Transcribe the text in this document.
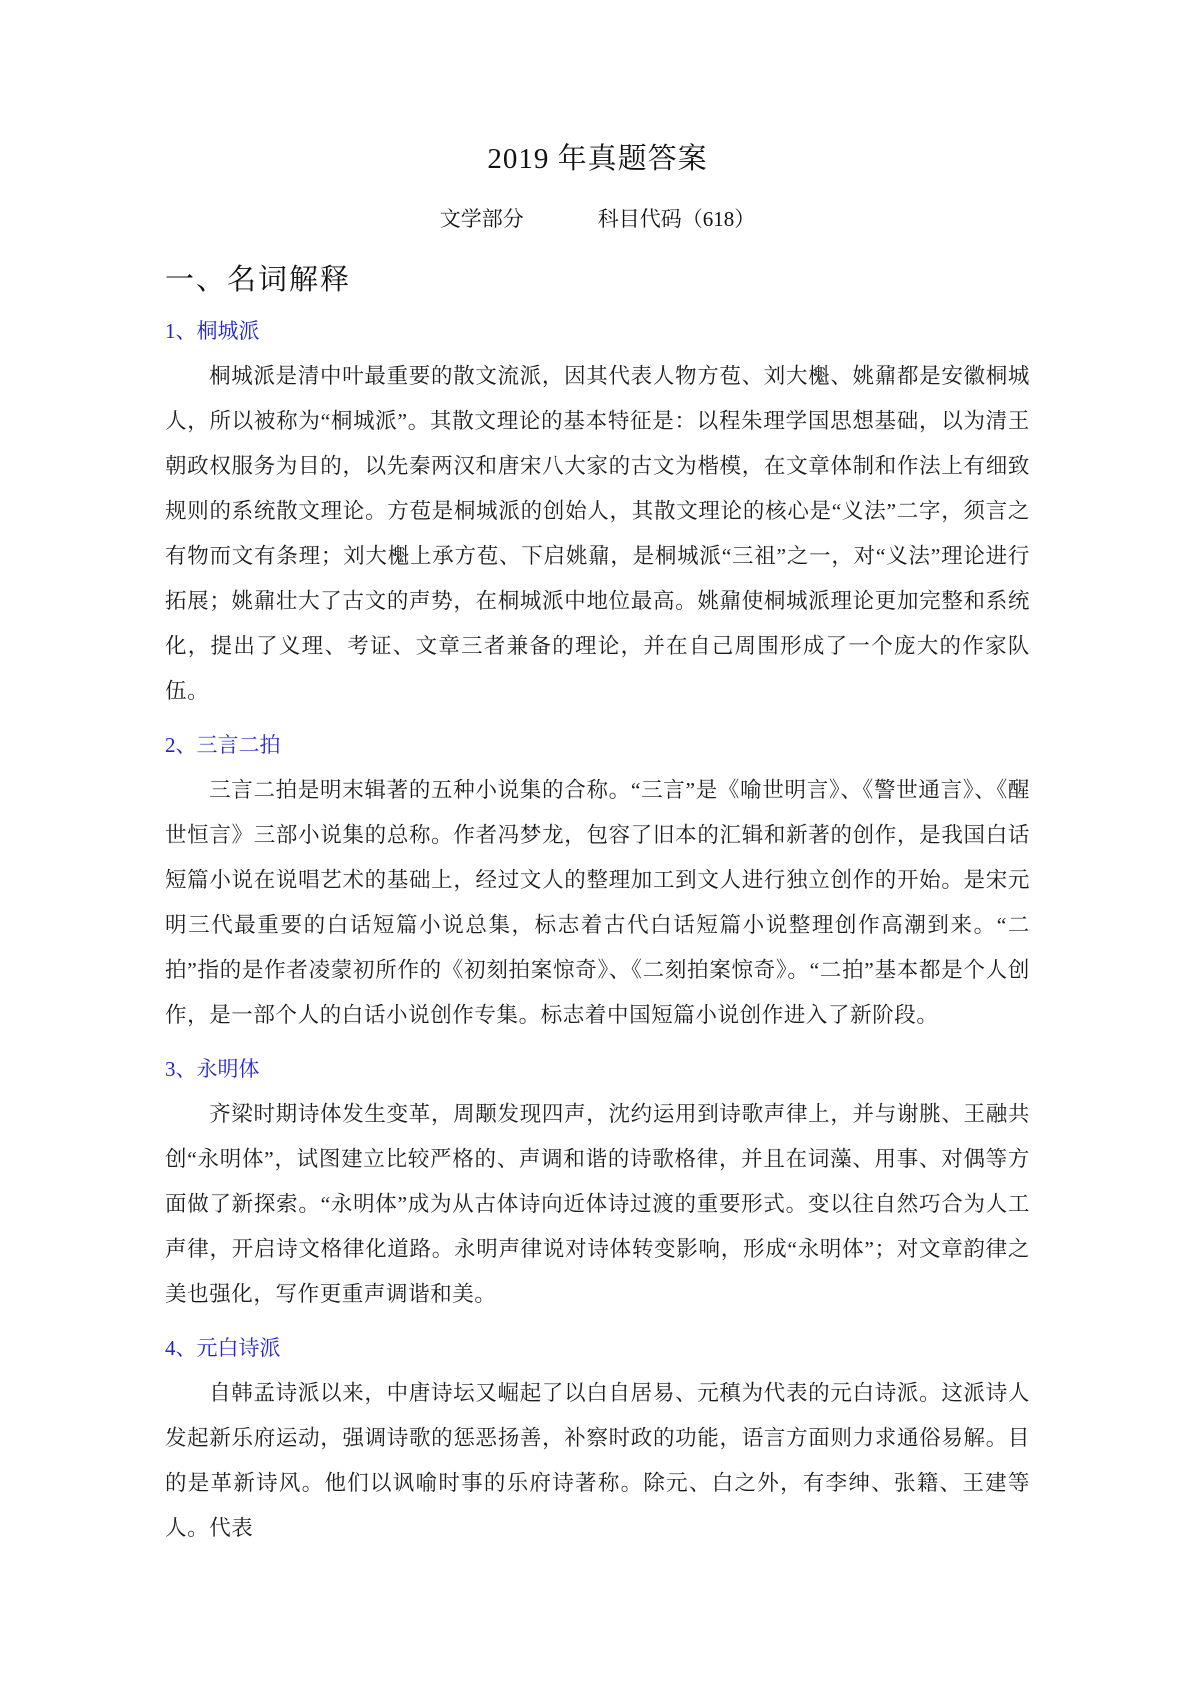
2019 年真题答案
文学部分	科目代码（618）
一、名词解释
1、桐城派

桐城派是清中叶最重要的散文流派，因其代表人物方苞、刘大櫆、姚鼐都是安徽桐城人，所以被称为“桐城派”。其散文理论的基本特征是：以程朱理学国思想基础，以为清王朝政权服务为目的，以先秦两汉和唐宋八大家的古文为楷模，在文章体制和作法上有细致规则的系统散文理论。方苞是桐城派的创始人，其散文理论的核心是“义法”二字，须言之有物而文有条理；刘大櫆上承方苞、下启姚鼐，是桐城派“三祖”之一，对“义法”理论进行拓展；姚鼐壮大了古文的声势，在桐城派中地位最高。姚鼐使桐城派理论更加完整和系统化，提出了义理、考证、文章三者兼备的理论，并在自己周围形成了一个庞大的作家队伍。

2、三言二拍

三言二拍是明末辑著的五种小说集的合称。“三言”是《喻世明言》、《警世通言》、《醒世恒言》三部小说集的总称。作者冯梦龙，包容了旧本的汇辑和新著的创作，是我国白话短篇小说在说唱艺术的基础上，经过文人的整理加工到文人进行独立创作的开始。是宋元明三代最重要的白话短篇小说总集，标志着古代白话短篇小说整理创作高潮到来。“二拍”指的是作者凌蒙初所作的《初刻拍案惊奇》、《二刻拍案惊奇》。“二拍”基本都是个人创作，是一部个人的白话小说创作专集。标志着中国短篇小说创作进入了新阶段。

3、永明体

齐梁时期诗体发生变革，周颙发现四声，沈约运用到诗歌声律上，并与谢朓、王融共创“永明体”，试图建立比较严格的、声调和谐的诗歌格律，并且在词藻、用事、对偶等方面做了新探索。“永明体”成为从古体诗向近体诗过渡的重要形式。变以往自然巧合为人工声律，开启诗文格律化道路。永明声律说对诗体转变影响，形成“永明体”；对文章韵律之美也强化，写作更重声调谐和美。

4、元白诗派

自韩孟诗派以来，中唐诗坛又崛起了以白自居易、元稹为代表的元白诗派。这派诗人发起新乐府运动，强调诗歌的惩恶扬善，补察时政的功能，语言方面则力求通俗易解。目的是革新诗风。他们以讽喻时事的乐府诗著称。除元、白之外，有李绅、张籍、王建等人。代表
